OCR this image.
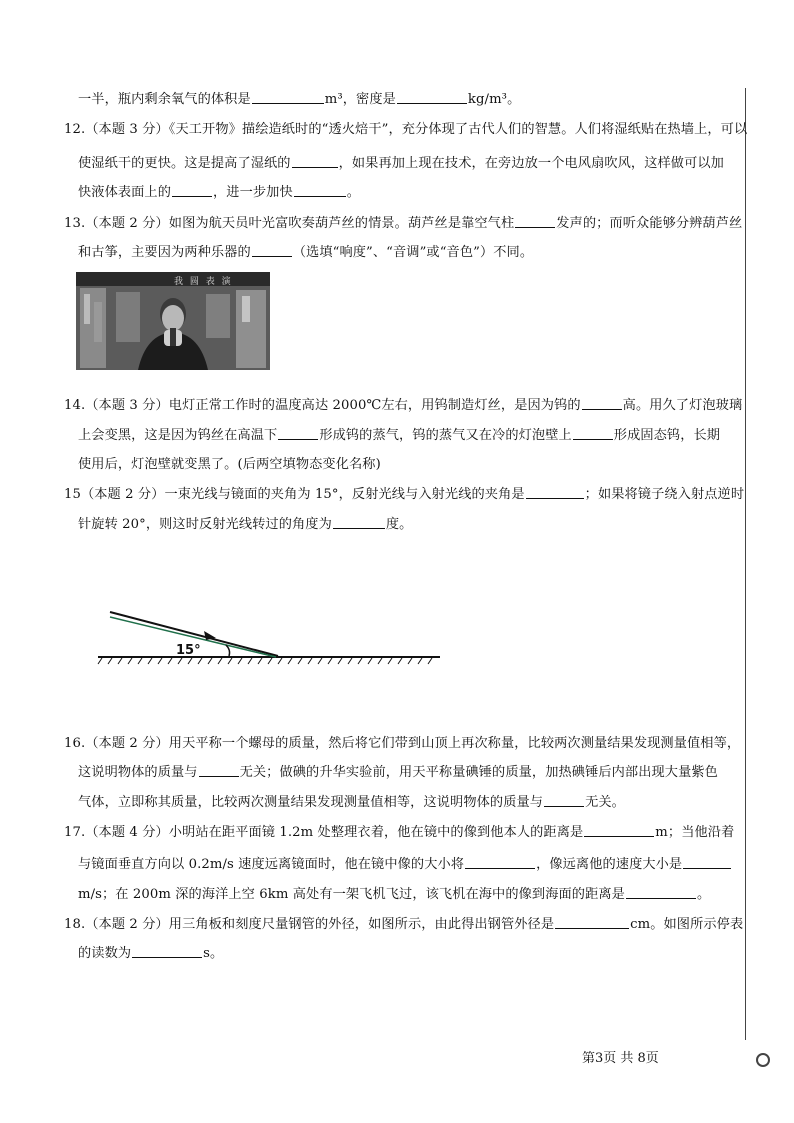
一半，瓶内剩余氧气的体积是	m³，密度是	kg/m³。
12.（本题 3 分）《天工开物》描绘造纸时的“透火焙干”，充分体现了古代人们的智慧。人们将湿纸贴在热墙上，可以
使湿纸干的更快。这是提高了湿纸的	，如果再加上现在技术，在旁边放一个电风扇吹风，这样做可以加
快液体表面上的	，进一步加快	。
13.（本题 2 分）如图为航天员叶光富吹奏葫芦丝的情景。葫芦丝是靠空气柱	发声的；而听众能够分辨葫芦丝
和古筝，主要因为两种乐器的	（选填“响度”、“音调”或“音色”）不同。
我 圆 表 演
14.（本题 3 分）电灯正常工作时的温度高达 2000℃左右，用钨制造灯丝，是因为钨的	高。用久了灯泡玻璃
上会变黑，这是因为钨丝在高温下	形成钨的蒸气，钨的蒸气又在冷的灯泡壁上	形成固态钨，长期
使用后，灯泡壁就变黑了。(后两空填物态变化名称)
15（本题 2 分）一束光线与镜面的夹角为 15°，反射光线与入射光线的夹角是	；如果将镜子绕入射点逆时
针旋转 20°，则这时反射光线转过的角度为	度。
15°
16.（本题 2 分）用天平称一个螺母的质量，然后将它们带到山顶上再次称量，比较两次测量结果发现测量值相等，
这说明物体的质量与	无关；做碘的升华实验前，用天平称量碘锤的质量，加热碘锤后内部出现大量紫色
气体，立即称其质量，比较两次测量结果发现测量值相等，这说明物体的质量与	无关。
17.（本题 4 分）小明站在距平面镜 1.2m 处整理衣着，他在镜中的像到他本人的距离是	m；当他沿着
与镜面垂直方向以 0.2m/s 速度远离镜面时，他在镜中像的大小将	，像远离他的速度大小是
m/s；在 200m 深的海洋上空 6km 高处有一架飞机飞过，该飞机在海中的像到海面的距离是	。
18.（本题 2 分）用三角板和刻度尺量钢管的外径，如图所示，由此得出钢管外径是	cm。如图所示停表
的读数为	s。
第3页 共 8页
